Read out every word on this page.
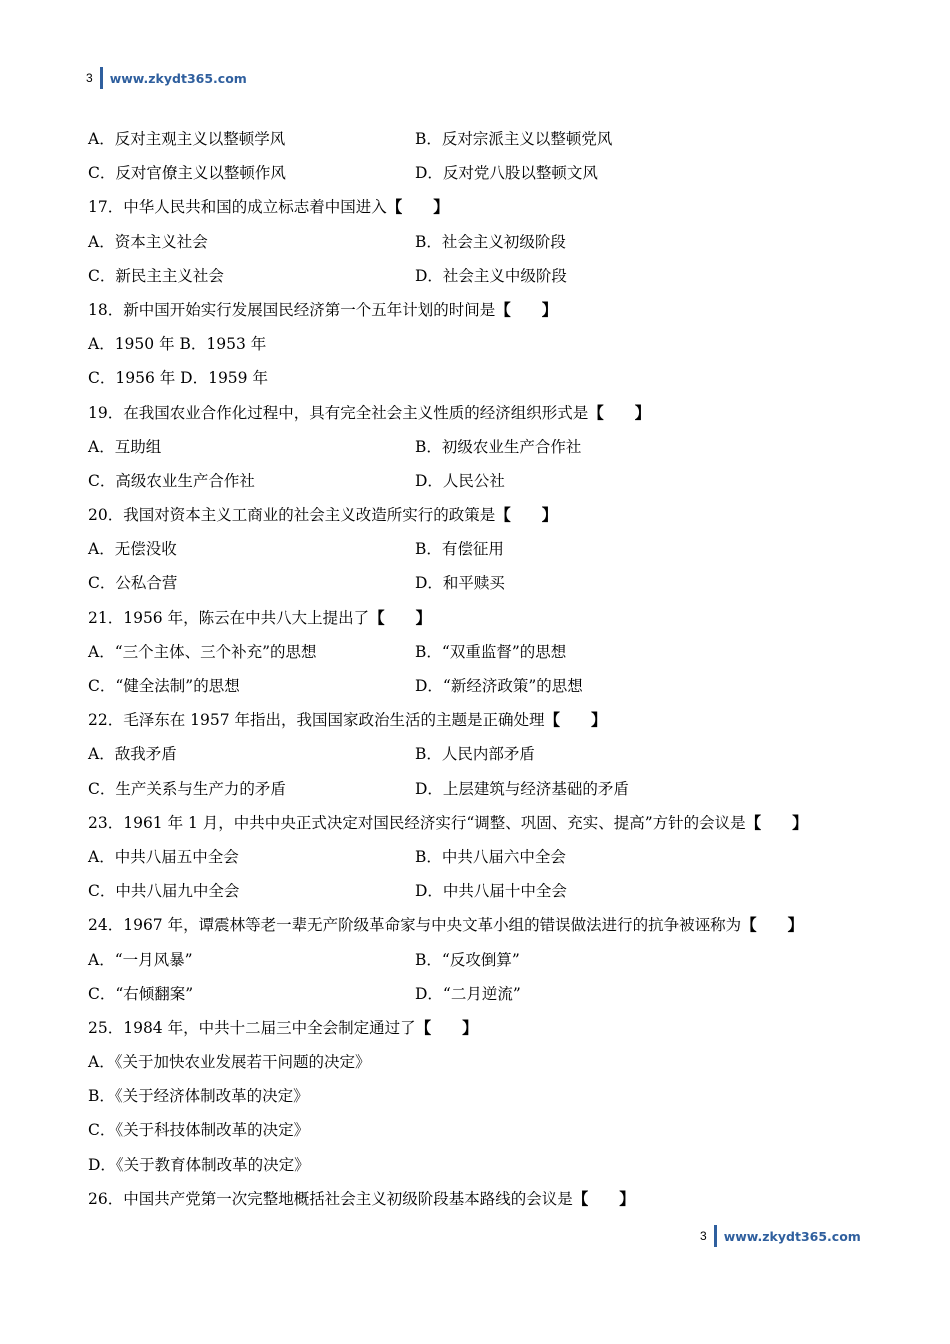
3 www.zkydt365.com
A．反对主观主义以整顿学风	B．反对宗派主义以整顿党风
C．反对官僚主义以整顿作风	D．反对党八股以整顿文风
17．中华人民共和国的成立标志着中国进入【　　】
A．资本主义社会	B．社会主义初级阶段
C．新民主主义社会	D．社会主义中级阶段
18．新中国开始实行发展国民经济第一个五年计划的时间是【　　】
A．1950 年 B．1953 年
C．1956 年 D．1959 年
19．在我国农业合作化过程中，具有完全社会主义性质的经济组织形式是【　　】
A．互助组	B．初级农业生产合作社
C．高级农业生产合作社	D．人民公社
20．我国对资本主义工商业的社会主义改造所实行的政策是【　　】
A．无偿没收	B．有偿征用
C．公私合营	D．和平赎买
21．1956 年，陈云在中共八大上提出了【　　】
A．“三个主体、三个补充”的思想	B．“双重监督”的思想
C．“健全法制”的思想	D．“新经济政策”的思想
22．毛泽东在 1957 年指出，我国国家政治生活的主题是正确处理【　　】
A．敌我矛盾	B．人民内部矛盾
C．生产关系与生产力的矛盾	D．上层建筑与经济基础的矛盾
23．1961 年 1 月，中共中央正式决定对国民经济实行“调整、巩固、充实、提高”方针的会议是【　　】
A．中共八届五中全会	B．中共八届六中全会
C．中共八届九中全会	D．中共八届十中全会
24．1967 年，谭震林等老一辈无产阶级革命家与中央文革小组的错误做法进行的抗争被诬称为【　　】
A．“一月风暴”	B．“反攻倒算”
C．“右倾翻案”	D．“二月逆流”
25．1984 年，中共十二届三中全会制定通过了【　　】
A．《关于加快农业发展若干问题的决定》
B．《关于经济体制改革的决定》
C．《关于科技体制改革的决定》
D．《关于教育体制改革的决定》
26．中国共产党第一次完整地概括社会主义初级阶段基本路线的会议是【　　】
3 www.zkydt365.com
